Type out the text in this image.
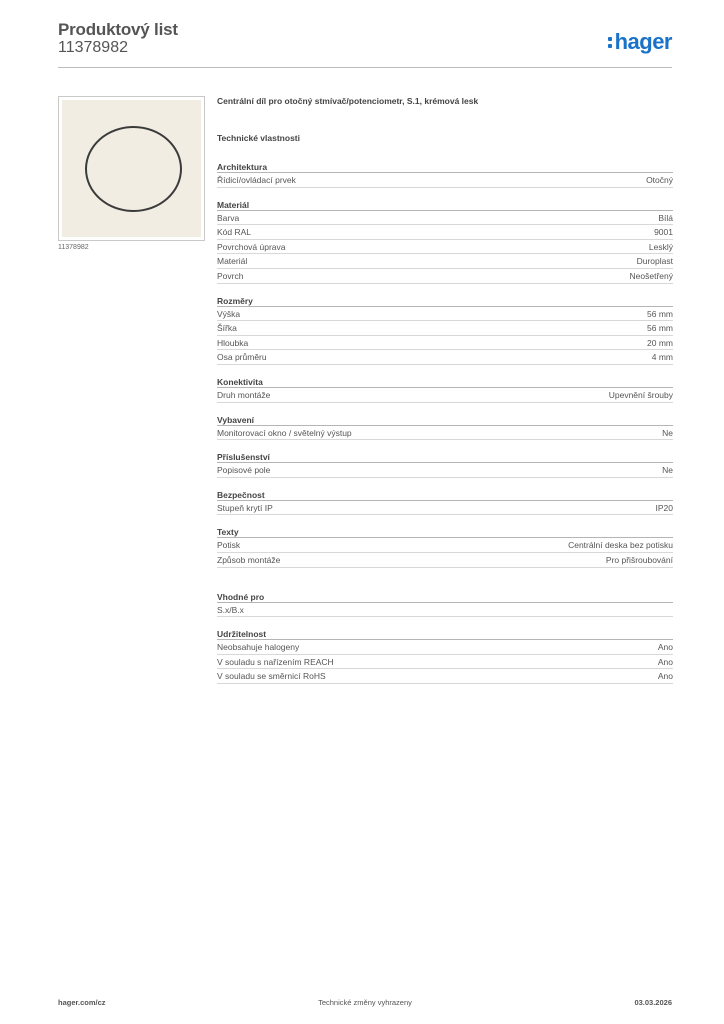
Produktový list
11378982	hager
11378982
Centrální díl pro otočný stmívač/potenciometr, S.1, krémová lesk
Technické vlastnosti
Architektura
Řídicí/ovládací prvek	Otočný
Materiál
Barva	Bílá
Kód RAL	9001
Povrchová úprava	Lesklý
Materiál	Duroplast
Povrch	Neošetřený
Rozměry
Výška	56 mm
Šířka	56 mm
Hloubka	20 mm
Osa průměru	4 mm
Konektivita
Druh montáže	Upevnění šrouby
Vybavení
Monitorovací okno / světelný výstup	Ne
Příslušenství
Popisové pole	Ne
Bezpečnost
Stupeň krytí IP	IP20
Texty
Potisk	Centrální deska bez potisku
Způsob montáže	Pro přišroubování
Vhodné pro
S.x/B.x
Udržitelnost
Neobsahuje halogeny	Ano
V souladu s nařízením REACH	Ano
V souladu se směrnicí RoHS	Ano
hager.com/cz	Technické změny vyhrazeny	03.03.2026
